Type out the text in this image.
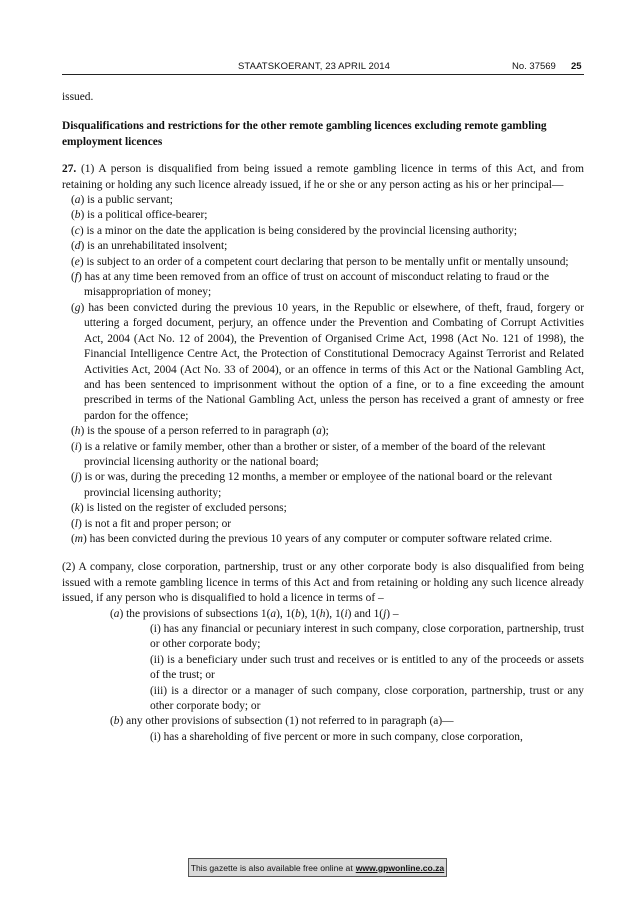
STAATSKOERANT, 23 APRIL 2014	No. 37569 25

issued.

Disqualifications and restrictions for the other remote gambling licences excluding remote gambling employment licences

27. (1) A person is disqualified from being issued a remote gambling licence in terms of this Act, and from retaining or holding any such licence already issued, if he or she or any person acting as his or her principal—

(a) is a public servant;

(b) is a political office-bearer;

(c) is a minor on the date the application is being considered by the provincial licensing authority;

(d) is an unrehabilitated insolvent;

(e) is subject to an order of a competent court declaring that person to be mentally unfit or mentally unsound;

(f) has at any time been removed from an office of trust on account of misconduct relating to fraud or the misappropriation of money;

(g) has been convicted during the previous 10 years, in the Republic or elsewhere, of theft, fraud, forgery or uttering a forged document, perjury, an offence under the Prevention and Combating of Corrupt Activities Act, 2004 (Act No. 12 of 2004), the Prevention of Organised Crime Act, 1998 (Act No. 121 of 1998), the Financial Intelligence Centre Act, the Protection of Constitutional Democracy Against Terrorist and Related Activities Act, 2004 (Act No. 33 of 2004), or an offence in terms of this Act or the National Gambling Act, and has been sentenced to imprisonment without the option of a fine, or to a fine exceeding the amount prescribed in terms of the National Gambling Act, unless the person has received a grant of amnesty or free pardon for the offence;

(h) is the spouse of a person referred to in paragraph (a);

(i) is a relative or family member, other than a brother or sister, of a member of the board of the relevant provincial licensing authority or the national board;

(j) is or was, during the preceding 12 months, a member or employee of the national board or the relevant provincial licensing authority;

(k) is listed on the register of excluded persons;

(l) is not a fit and proper person; or

(m) has been convicted during the previous 10 years of any computer or computer software related crime.

(2) A company, close corporation, partnership, trust or any other corporate body is also disqualified from being issued with a remote gambling licence in terms of this Act and from retaining or holding any such licence already issued, if any person who is disqualified to hold a licence in terms of –

(a) the provisions of subsections 1(a), 1(b), 1(h), 1(i) and 1(j) –

(i) has any financial or pecuniary interest in such company, close corporation, partnership, trust or other corporate body;

(ii) is a beneficiary under such trust and receives or is entitled to any of the proceeds or assets of the trust; or

(iii) is a director or a manager of such company, close corporation, partnership, trust or any other corporate body; or

(b) any other provisions of subsection (1) not referred to in paragraph (a)—

(i) has a shareholding of five percent or more in such company, close corporation,

This gazette is also available free online at www.gpwonline.co.za
